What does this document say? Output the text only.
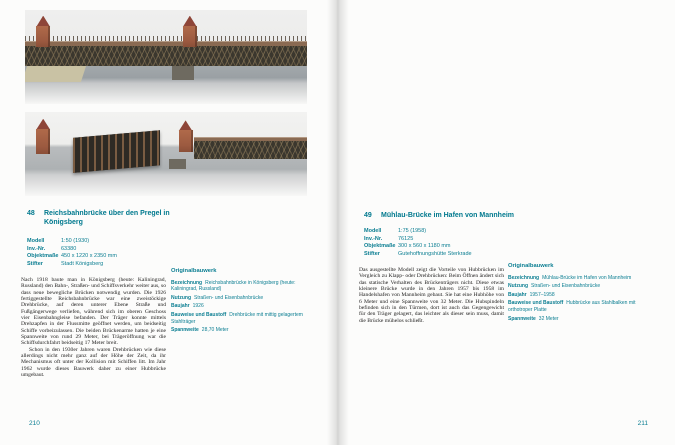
48	Reichsbahnbrücke über den Pregel in Königsberg
Modell	1:50 (1930)
Inv.-Nr.	63380
Objektmaße 450 x 1220 x 2350 mm
Stifter	Stadt Königsberg

Nach 1918 baute man in Königsberg (heute: Kaliningrad, Russland) den Bahn-, Straßen- und Schiffsverkehr weiter aus, so dass neue bewegliche Brücken notwendig wurden. Die 1926 fertiggestellte Reichsbahnbrücke war eine zweistöckige Drehbrücke, auf deren unterer Ebene Straße und Fußgängerwege verliefen, während sich im oberen Geschoss vier Eisenbahngleise befanden. Der Träger konnte mittels Drehzapfen in der Flussmitte geöffnet werden, um beidseitig Schiffe vorbeizulassen. Die beiden Brückenarme hatten je eine Spannweite von rund 29 Meter, bei Trägeröffnung war die Schiffsdurchfahrt beidseitig 17 Meter breit.

Schon in den 1930er Jahren waren Drehbrücken wie diese allerdings nicht mehr ganz auf der Höhe der Zeit, da ihr Mechanismus oft unter der Kollision mit Schiffen litt. Im Jahr 1962 wurde dieses Bauwerk daher zu einer Hubbrücke umgebaut.

Originalbauwerk
Bezeichnung Reichsbahnbrücke in Königsberg (heute: Kaliningrad, Russland)
Nutzung Straßen- und Eisenbahnbrücke
Baujahr 1926
Bauweise und Baustoff Drehbrücke mit mittig gelagertem Stahlträger
Spannweite 28,70 Meter
210
49	Mühlau-Brücke im Hafen von Mannheim
Modell	1:75 (1958)
Inv.-Nr.	76125
Objektmaße 300 x 560 x 1180 mm
Stifter	Gutehoffnungshütte Sterkrade

Das ausgestellte Modell zeigt die Vorteile von Hubbrücken im Vergleich zu Klapp- oder Drehbrücken: Beim Öffnen ändert sich das statische Verhalten des Brückenträgers nicht. Diese etwas kleinere Brücke wurde in den Jahren 1957 bis 1958 im Handelshafen von Mannheim gebaut. Sie hat eine Hubhöhe von 6 Meter und eine Spannweite von 32 Meter. Die Hubspindeln befinden sich in den Türmen, dort ist auch das Gegengewicht für den Träger gelagert, das leichter als dieser sein muss, damit die Brücke mühelos schließt.

Originalbauwerk
Bezeichnung Mühlau-Brücke im Hafen von Mannheim
Nutzung Straßen- und Eisenbahnbrücke
Baujahr 1957–1958
Bauweise und Baustoff Hubbrücke aus Stahlbalken mit orthotroper Platte
Spannweite 32 Meter
211
